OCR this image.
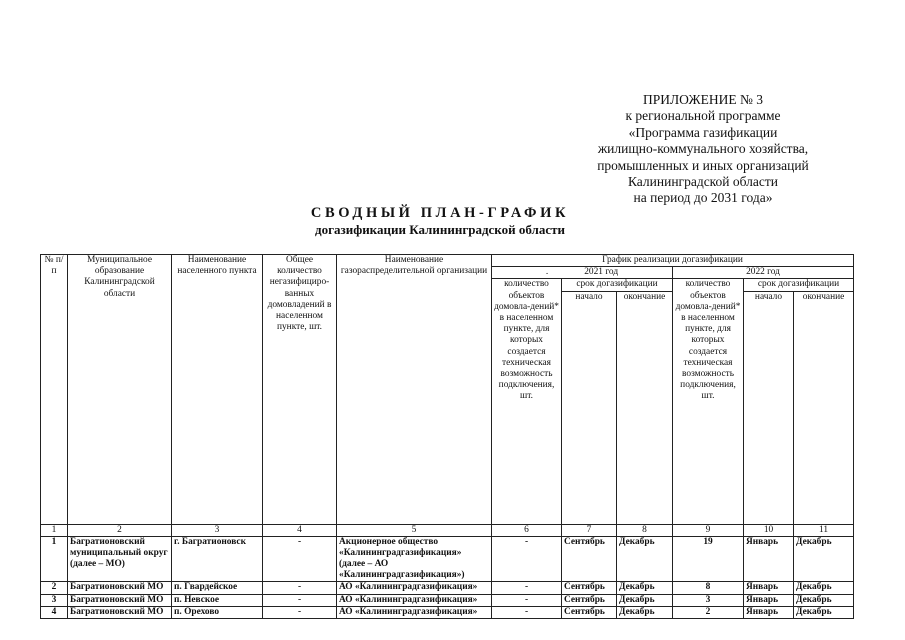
ПРИЛОЖЕНИЕ № 3
к региональной программе
«Программа газификации
жилищно-коммунального хозяйства,
промышленных и иных организаций
Калининградской области
на период до 2031 года»
СВОДНЫЙ ПЛАН-ГРАФИК
догазификации Калининградской области
№ п/п	Муниципальное образование Калининградской области	Наименование населенного пункта	Общее количество негазифициро-ванных домовладений в населенном пункте, шт.	Наименование газораспределительной организации	График реализации догазификации					
					. 2021 год			2022 год		
					количество объектов домовла-дений* в населенном пункте, для которых создается техническая возможность подключения, шт.	срок догазификации		количество объектов домовла-дений* в населенном пункте, для которых создается техническая возможность подключения, шт.	срок догазификации	
						начало	окончание		начало	окончание
1	2	3	4	5	6	7	8	9	10	11
1	Багратионовский муниципальный округ (далее – МО)	г. Багратионовск	-	Акционерное общество «Калининградгазификация» (далее – АО «Калининградгазификация»)	-	Сентябрь	Декабрь	19	Январь	Декабрь
2	Багратионовский МО	п. Гвардейское	-	АО «Калининградгазификация»	-	Сентябрь	Декабрь	8	Январь	Декабрь
3	Багратионовский МО	п. Невское	-	АО «Калининградгазификация»	-	Сентябрь	Декабрь	3	Январь	Декабрь
4	Багратионовский МО	п. Орехово	-	АО «Калининградгазификация»	-	Сентябрь	Декабрь	2	Январь	Декабрь
